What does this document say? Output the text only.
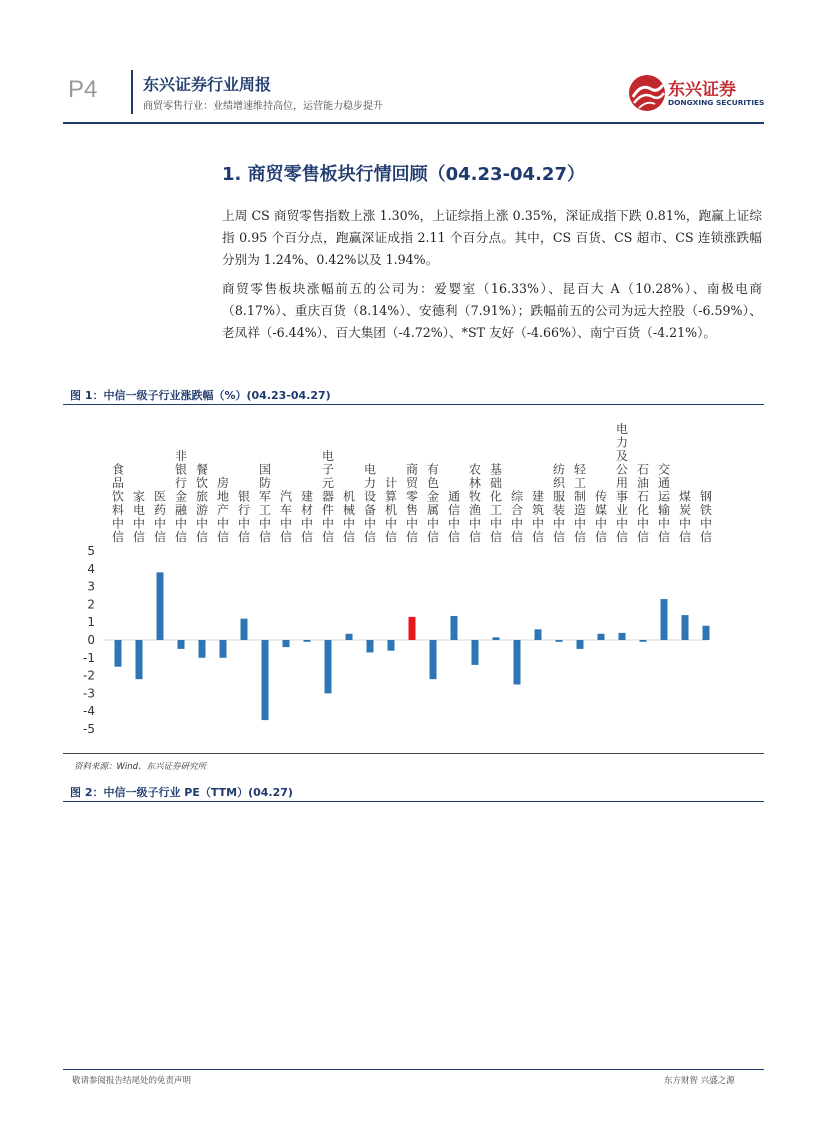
P4	东兴证券行业周报
商贸零售行业：业绩增速维持高位，运营能力稳步提升
东兴证券
DONGXING SECURITIES
1. 商贸零售板块行情回顾（04.23-04.27）
上周 CS 商贸零售指数上涨 1.30%，上证综指上涨 0.35%，深证成指下跌 0.81%，跑赢上证综指 0.95 个百分点，跑赢深证成指 2.11 个百分点。其中，CS 百货、CS 超市、CS 连锁涨跌幅分别为 1.24%、0.42%以及 1.94%。
商贸零售板块涨幅前五的公司为：爱婴室（16.33%）、昆百大 A（10.28%）、南极电商（8.17%）、重庆百货（8.14%）、安德利（7.91%）；跌幅前五的公司为远大控股（-6.59%）、老凤祥（-6.44%）、百大集团（-4.72%）、*ST 友好（-4.66%）、南宁百货（-4.21%）。
图 1：中信一级子行业涨跌幅（%）(04.23-04.27)
5
4
3
2
1
0
-1
-2
-3
-4
-5
食品饮料中信
家电中信
医药中信
非银行金融中信
餐饮旅游中信
房地产中信
银行中信
国防军工中信
汽车中信
建材中信
电子元器件中信
机械中信
电力设备中信
计算机中信
商贸零售中信
有色金属中信
通信中信
农林牧渔中信
基础化工中信
综合中信
建筑中信
纺织服装中信
轻工制造中信
传媒中信
电力及公用事业中信
石油石化中信
交通运输中信
煤炭中信
钢铁中信
资料来源：Wind、东兴证券研究所
图 2：中信一级子行业 PE（TTM）(04.27)
敬请参阅报告结尾处的免责声明	东方财智 兴盛之源
